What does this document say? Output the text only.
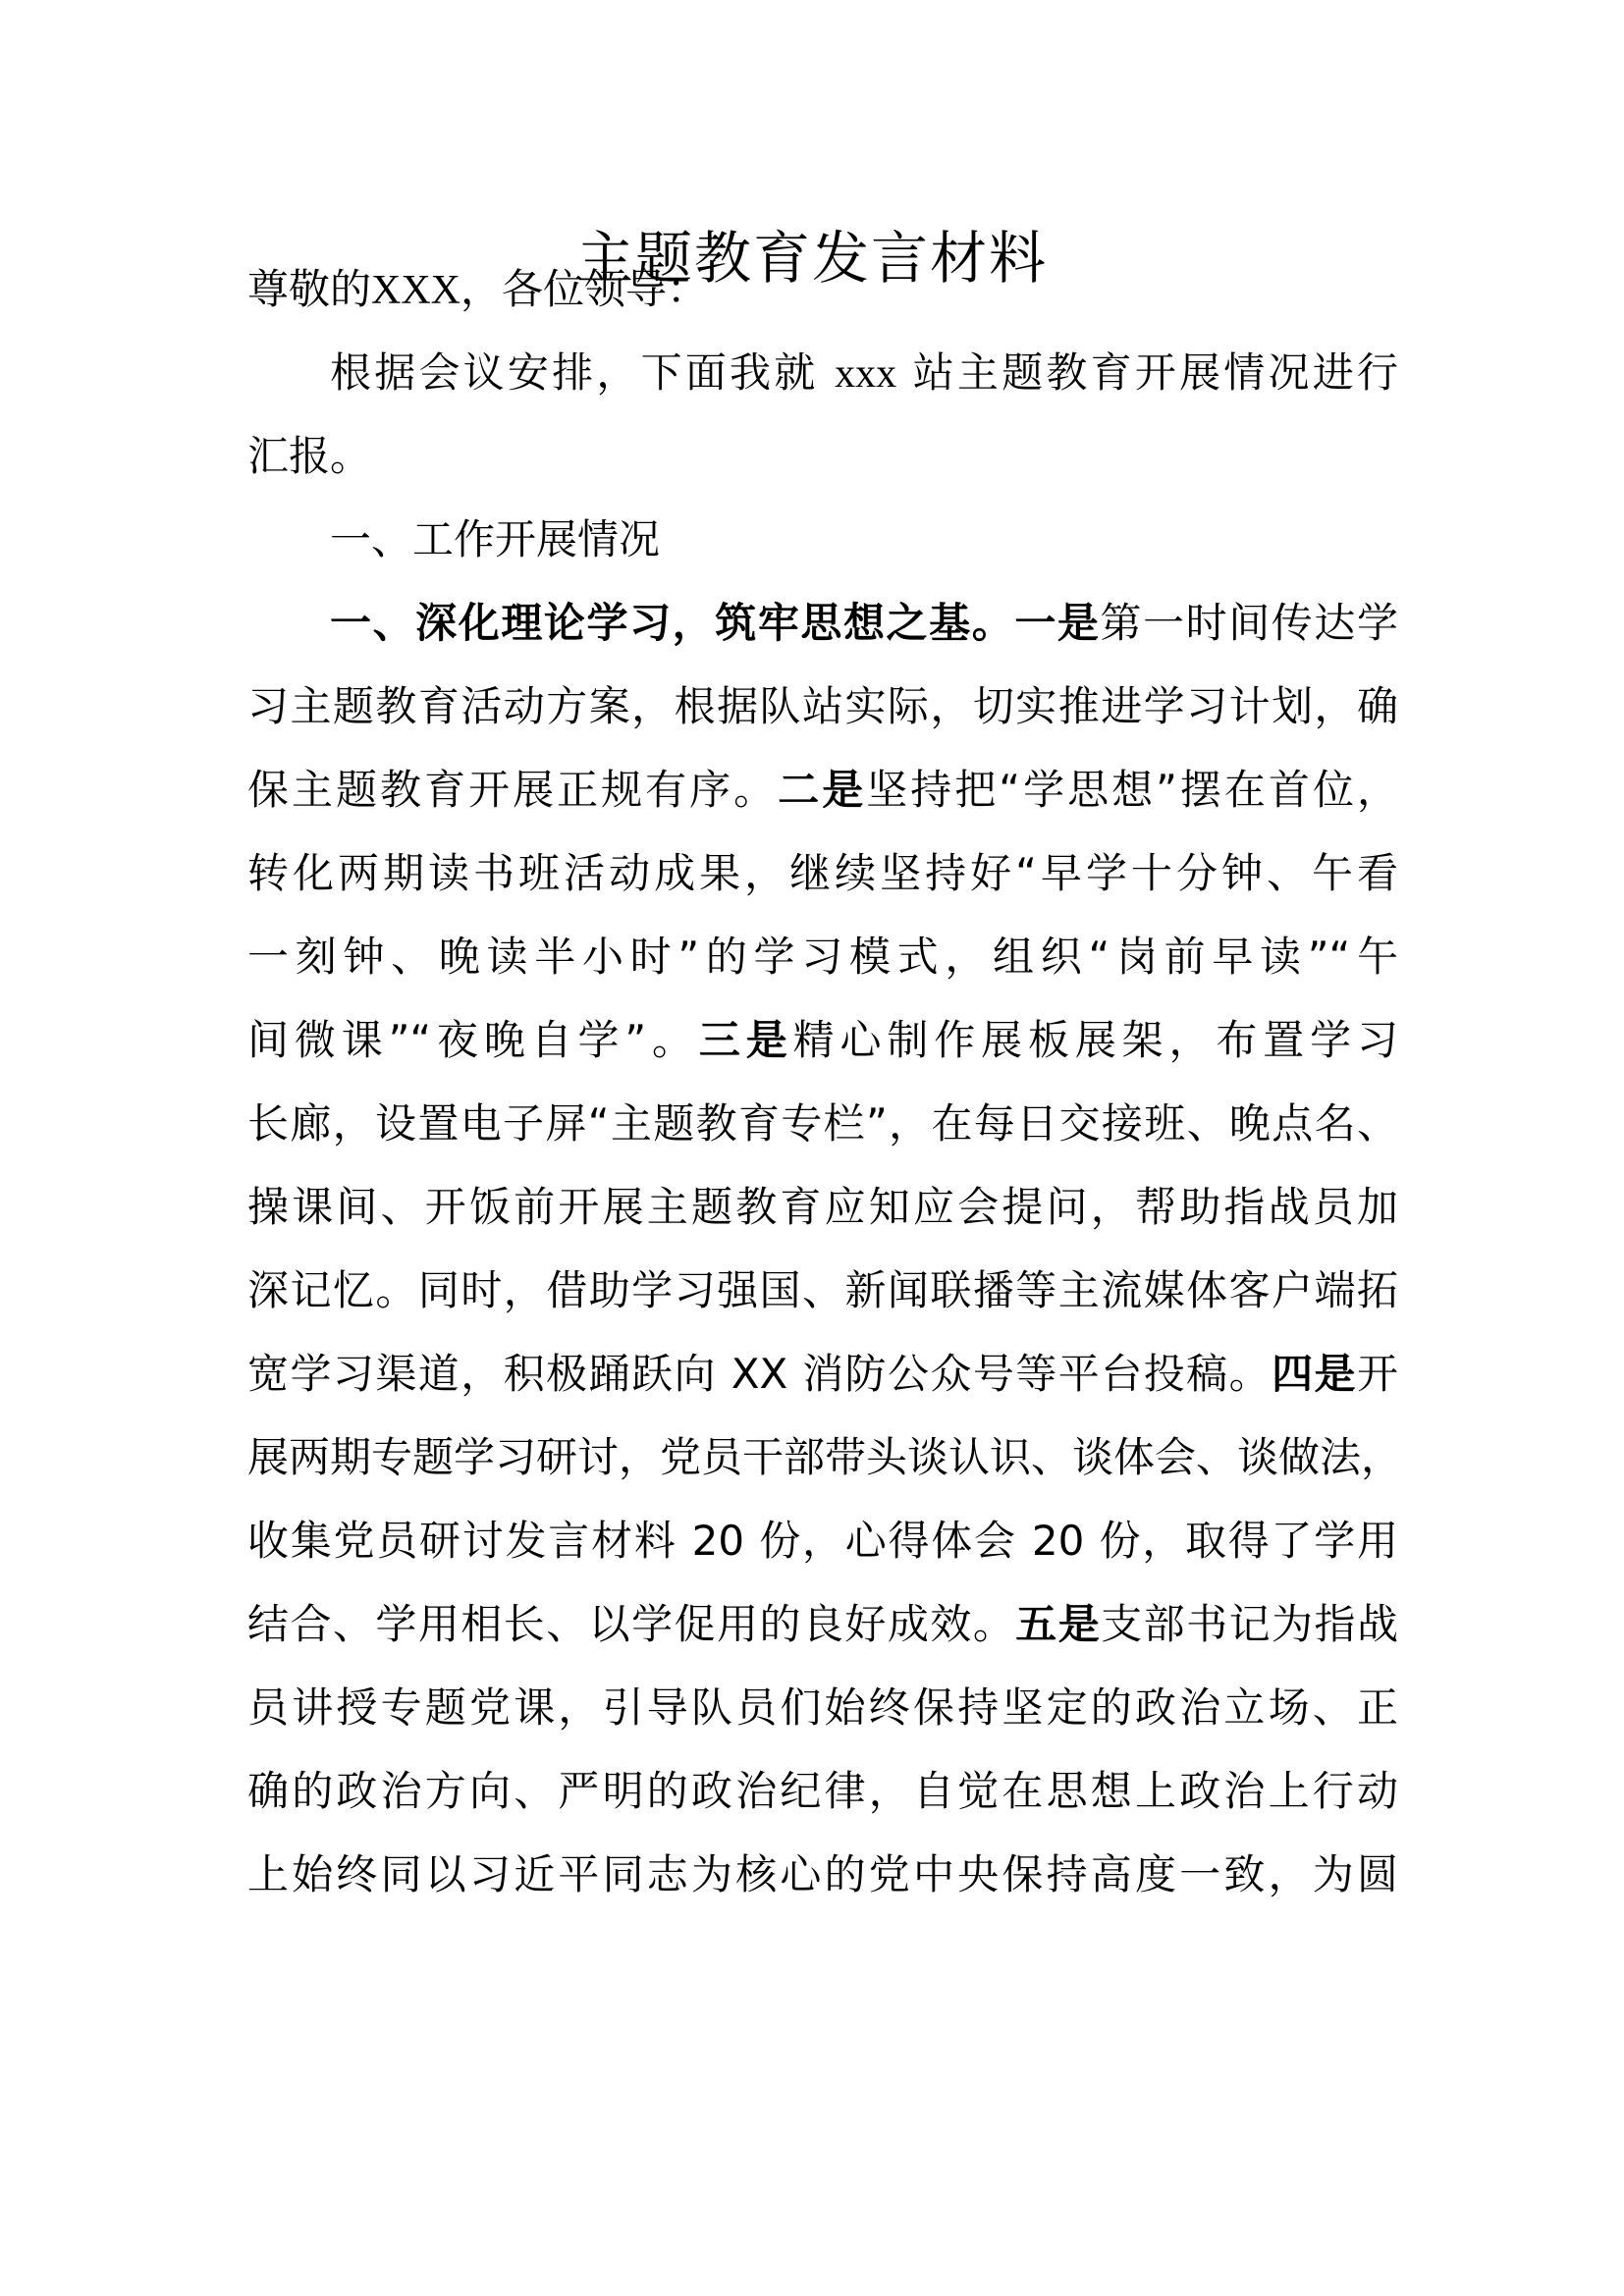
主题教育发言材料
尊敬的XXX，各位领导：
根据会议安排，下面我就 xxx 站主题教育开展情况进行
汇报。
一、工作开展情况
一、深化理论学习，筑牢思想之基。一是第一时间传达学
习主题教育活动方案，根据队站实际，切实推进学习计划，确
保主题教育开展正规有序。二是坚持把“学思想”摆在首位，
转化两期读书班活动成果，继续坚持好“早学十分钟、午看
一刻钟、晚读半小时”的学习模式，组织“岗前早读”“午
间微课”“夜晚自学”。三是精心制作展板展架，布置学习
长廊，设置电子屏“主题教育专栏”，在每日交接班、晚点名、
操课间、开饭前开展主题教育应知应会提问，帮助指战员加
深记忆。同时，借助学习强国、新闻联播等主流媒体客户端拓
宽学习渠道，积极踊跃向 XX 消防公众号等平台投稿。四是开
展两期专题学习研讨，党员干部带头谈认识、谈体会、谈做法，
收集党员研讨发言材料 20 份，心得体会 20 份，取得了学用
结合、学用相长、以学促用的良好成效。五是支部书记为指战
员讲授专题党课，引导队员们始终保持坚定的政治立场、正
确的政治方向、严明的政治纪律，自觉在思想上政治上行动
上始终同以习近平同志为核心的党中央保持高度一致，为圆
